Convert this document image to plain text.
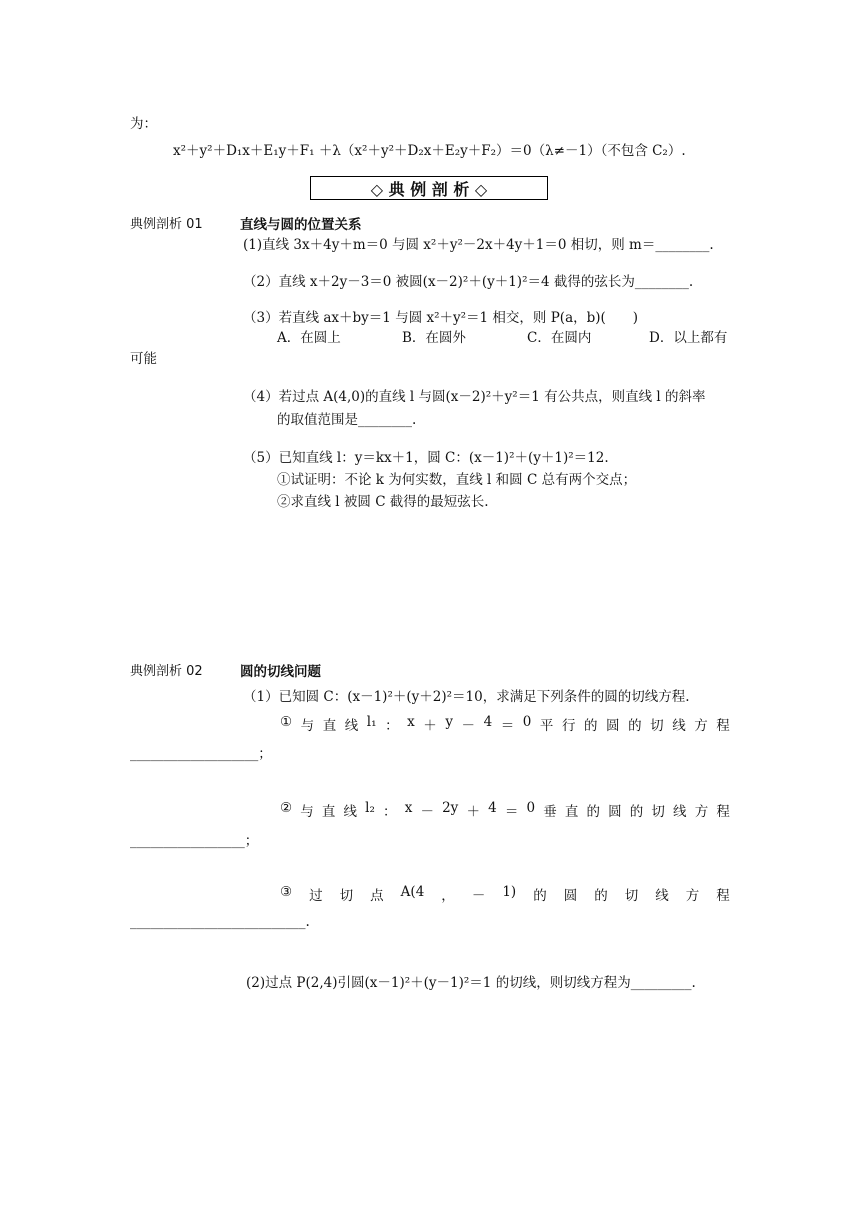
为：
x²＋y²＋D₁x＋E₁y＋F₁ ＋λ（x²＋y²＋D₂x＋E₂y＋F₂）＝0（λ≠－1）（不包含 C₂）.
◇ 典 例 剖 析 ◇
典例剖析 01	直线与圆的位置关系
(1)直线 3x＋4y＋m＝0 与圆 x²＋y²－2x＋4y＋1＝0 相切，则 m＝________.
（2）直线 x＋2y－3＝0 被圆(x－2)²＋(y＋1)²＝4 截得的弦长为________.
（3）若直线 ax＋by＝1 与圆 x²＋y²＝1 相交，则 P(a，b)(　　)
A．在圆上	B．在圆外	C．在圆内	D．以上都有
可能
（4）若过点 A(4,0)的直线 l 与圆(x－2)²＋y²＝1 有公共点，则直线 l 的斜率
的取值范围是________.
（5）已知直线 l：y＝kx＋1，圆 C：(x－1)²＋(y＋1)²＝12.
①试证明：不论 k 为何实数，直线 l 和圆 C 总有两个交点；
②求直线 l 被圆 C 截得的最短弦长.
典例剖析 02	圆的切线问题
（1）已知圆 C：(x－1)²＋(y＋2)²＝10，求满足下列条件的圆的切线方程.
① 与 直 线 l₁ ： x ＋ y － 4 ＝ 0 平 行 的 圆 的 切 线 方 程
___________________；
② 与 直 线 l₂ ： x － 2y ＋ 4 ＝ 0 垂 直 的 圆 的 切 线 方 程
_________________；
③ 过 切 点 A(4 ， － 1) 的 圆 的 切 线 方 程
__________________________.
(2)过点 P(2,4)引圆(x－1)²＋(y－1)²＝1 的切线，则切线方程为_________.
